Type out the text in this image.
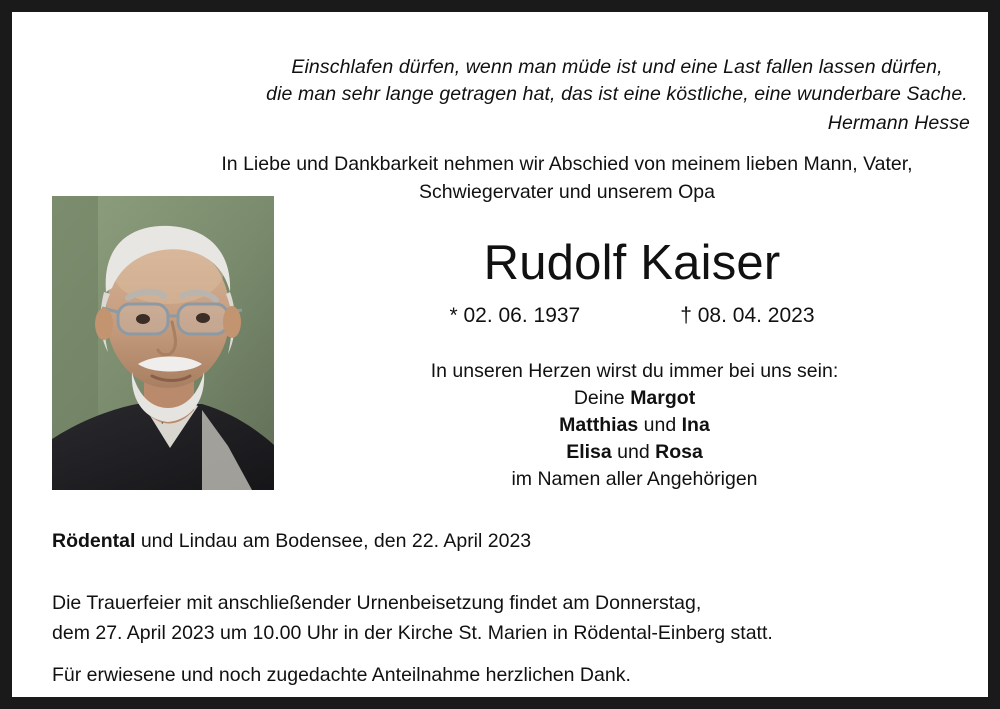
Einschlafen dürfen, wenn man müde ist und eine Last fallen lassen dürfen,
die man sehr lange getragen hat, das ist eine köstliche, eine wunderbare Sache.
Hermann Hesse
In Liebe und Dankbarkeit nehmen wir Abschied von meinem lieben Mann, Vater,
Schwiegervater und unserem Opa
Rudolf Kaiser
* 02. 06. 1937	† 08. 04. 2023
In unseren Herzen wirst du immer bei uns sein:
Deine Margot
Matthias und Ina
Elisa und Rosa
im Namen aller Angehörigen
Rödental und Lindau am Bodensee, den 22. April 2023
Die Trauerfeier mit anschließender Urnenbeisetzung findet am Donnerstag,
dem 27. April 2023 um 10.00 Uhr in der Kirche St. Marien in Rödental-Einberg statt.
Für erwiesene und noch zugedachte Anteilnahme herzlichen Dank.
